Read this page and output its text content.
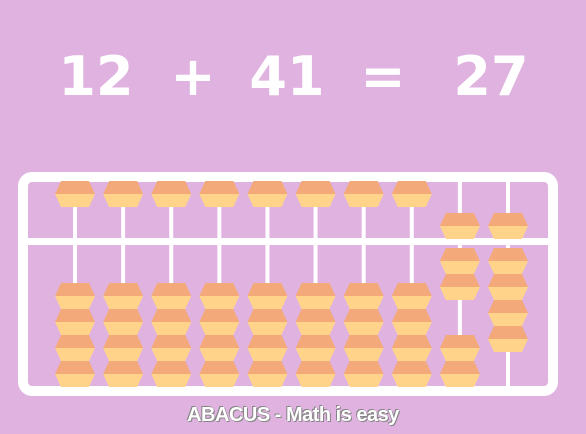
12 + 41 = 27
ABACUS - Math is easy
